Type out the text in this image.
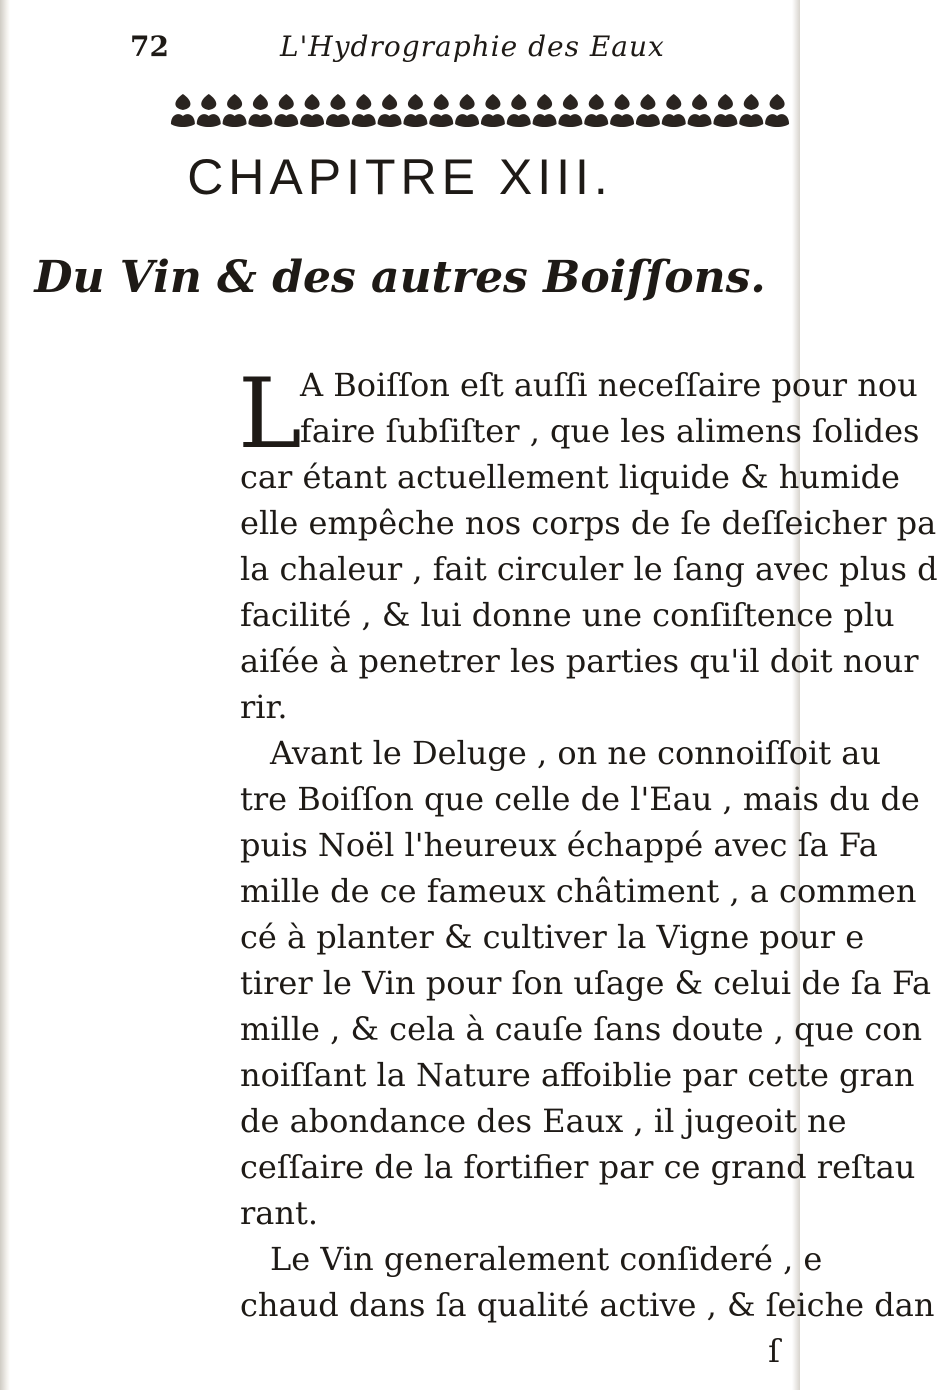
72	L'Hydrographie des Eaux
CHAPITRE XIII.
Du Vin & des autres Boiſſons.
L
A Boiſſon eſt auſſi neceſſaire pour nou
faire ſubſiſter , que les alimens ſolides
car étant actuellement liquide & humide
elle empêche nos corps de ſe deſſeicher pa
la chaleur , fait circuler le ſang avec plus d
facilité , & lui donne une conſiſtence plu
aiſée à penetrer les parties qu'il doit nour
rir.
Avant le Deluge , on ne connoiſſoit au
tre Boiſſon que celle de l'Eau , mais du de
puis Noël l'heureux échappé avec ſa Fa
mille de ce fameux châtiment , a commen
cé à planter & cultiver la Vigne pour e
tirer le Vin pour ſon uſage & celui de ſa Fa
mille , & cela à cauſe ſans doute , que con
noiſſant la Nature affoiblie par cette gran
de abondance des Eaux , il jugeoit ne
ceſſaire de la fortifier par ce grand reſtau
rant.
Le Vin generalement conſideré , e
chaud dans ſa qualité active , & ſeiche dan
ſ
